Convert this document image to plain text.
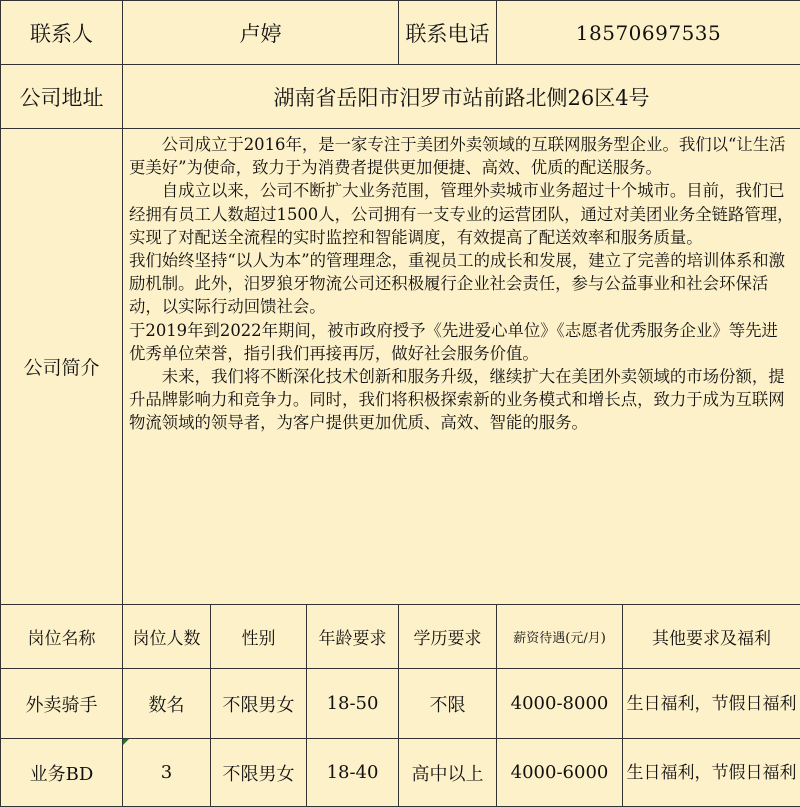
联系人	卢婷			联系电话	18570697535	
公司地址	湖南省岳阳市汨罗市站前路北侧26区4号					
公司简介	公司成立于2016年，是一家专注于美团外卖领域的互联网服务型企业。我们以“让生活更美好”为使命，致力于为消费者提供更加便捷、高效、优质的配送服务。

自成立以来，公司不断扩大业务范围，管理外卖城市业务超过十个城市。目前，我们已经拥有员工人数超过1500人，公司拥有一支专业的运营团队，通过对美团业务全链路管理，实现了对配送全流程的实时监控和智能调度，有效提高了配送效率和服务质量。

我们始终坚持“以人为本”的管理理念，重视员工的成长和发展，建立了完善的培训体系和激励机制。此外，汨罗狼牙物流公司还积极履行企业社会责任，参与公益事业和社会环保活动，以实际行动回馈社会。

于2019年到2022年期间，被市政府授予《先进爱心单位》《志愿者优秀服务企业》等先进优秀单位荣誉，指引我们再接再厉，做好社会服务价值。

未来，我们将不断深化技术创新和服务升级，继续扩大在美团外卖领域的市场份额，提升品牌影响力和竞争力。同时，我们将积极探索新的业务模式和增长点，致力于成为互联网物流领域的领导者，为客户提供更加优质、高效、智能的服务。					

岗位名称	岗位人数	性别	年龄要求	学历要求	薪资待遇(元/月)	其他要求及福利
外卖骑手	数名	不限男女	18-50	不限	4000-8000	生日福利，节假日福利
业务BD	3	不限男女	18-40	高中以上	4000-6000	生日福利，节假日福利
